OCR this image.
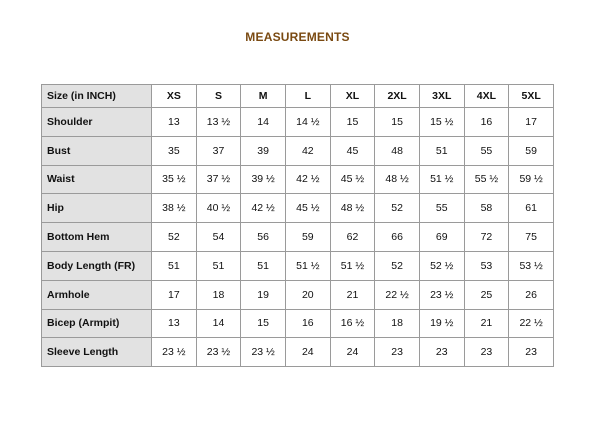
MEASUREMENTS
Size (in INCH)	XS	S	M	L	XL	2XL	3XL	4XL	5XL
Shoulder	13	13 ½	14	14 ½	15	15	15 ½	16	17
Bust	35	37	39	42	45	48	51	55	59
Waist	35 ½	37 ½	39 ½	42 ½	45 ½	48 ½	51 ½	55 ½	59 ½
Hip	38 ½	40 ½	42 ½	45 ½	48 ½	52	55	58	61
Bottom Hem	52	54	56	59	62	66	69	72	75
Body Length (FR)	51	51	51	51 ½	51 ½	52	52 ½	53	53 ½
Armhole	17	18	19	20	21	22 ½	23 ½	25	26
Bicep (Armpit)	13	14	15	16	16 ½	18	19 ½	21	22 ½
Sleeve Length	23 ½	23 ½	23 ½	24	24	23	23	23	23
